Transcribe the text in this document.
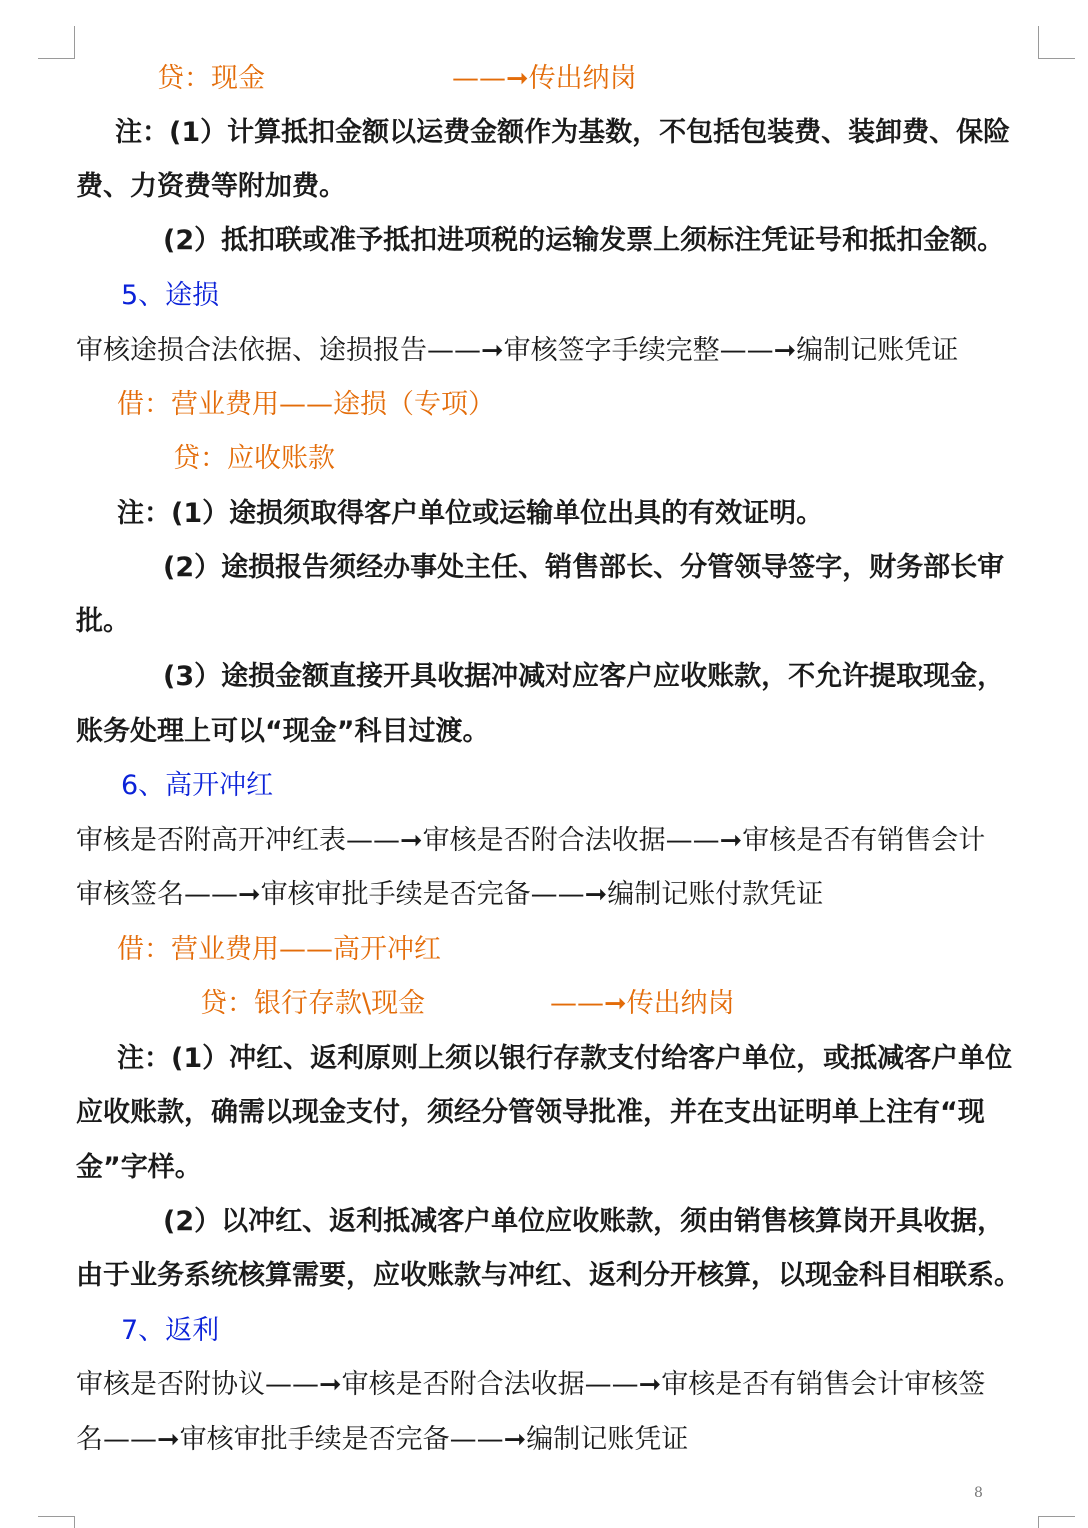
贷：现金	——➞传出纳岗
注：(1）计算抵扣金额以运费金额作为基数，不包括包装费、装卸费、保险
费、力资费等附加费。
(2）抵扣联或准予抵扣进项税的运输发票上须标注凭证号和抵扣金额。
5、途损
审核途损合法依据、途损报告——➞审核签字手续完整——➞编制记账凭证
借：营业费用——途损（专项）
贷：应收账款
注：(1）途损须取得客户单位或运输单位出具的有效证明。
(2）途损报告须经办事处主任、销售部长、分管领导签字，财务部长审
批。
(3）途损金额直接开具收据冲减对应客户应收账款，不允许提取现金，
账务处理上可以“现金”科目过渡。
6、高开冲红
审核是否附高开冲红表——➞审核是否附合法收据——➞审核是否有销售会计
审核签名——➞审核审批手续是否完备——➞编制记账付款凭证
借：营业费用——高开冲红
贷：银行存款\现金	——➞传出纳岗
注：(1）冲红、返利原则上须以银行存款支付给客户单位，或抵减客户单位
应收账款，确需以现金支付，须经分管领导批准，并在支出证明单上注有“现
金”字样。
(2）以冲红、返利抵减客户单位应收账款，须由销售核算岗开具收据，
由于业务系统核算需要，应收账款与冲红、返利分开核算，以现金科目相联系。
7、返利
审核是否附协议——➞审核是否附合法收据——➞审核是否有销售会计审核签
名——➞审核审批手续是否完备——➞编制记账凭证
8
